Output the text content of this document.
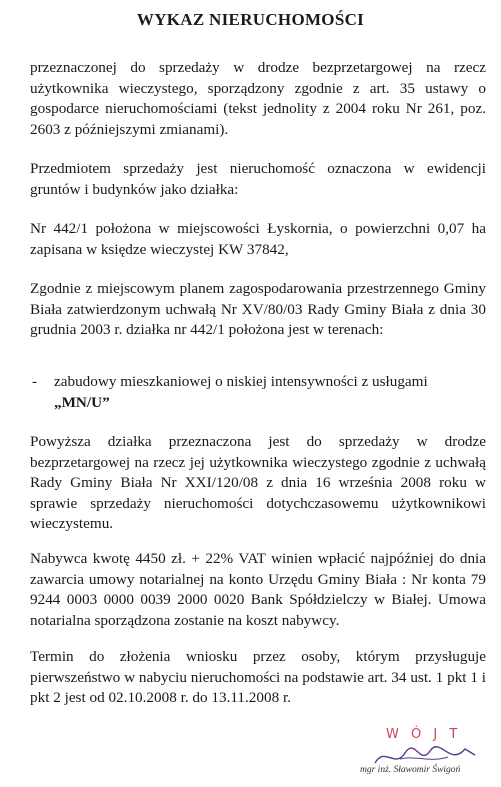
WYKAZ NIERUCHOMOŚCI

przeznaczonej do sprzedaży w drodze bezprzetargowej na rzecz użytkownika wieczystego, sporządzony zgodnie z art. 35 ustawy o gospodarce nieruchomościami (tekst jednolity z 2004 roku Nr 261, poz. 2603 z późniejszymi zmianami).

Przedmiotem sprzedaży jest nieruchomość oznaczona w ewidencji gruntów i budynków jako działka:

Nr 442/1 położona w miejscowości Łyskornia, o powierzchni 0,07 ha zapisana w księdze wieczystej KW 37842,

Zgodnie z miejscowym planem zagospodarowania przestrzennego Gminy Biała zatwierdzonym uchwałą Nr XV/80/03 Rady Gminy Biała z dnia 30 grudnia 2003 r. działka nr 442/1 położona jest w terenach:

- zabudowy mieszkaniowej o niskiej intensywności z usługami
„MN/U”

Powyższa działka przeznaczona jest do sprzedaży w drodze bezprzetargowej na rzecz jej użytkownika wieczystego zgodnie z uchwałą Rady Gminy Biała Nr XXI/120/08 z dnia 16 września 2008 roku w sprawie sprzedaży nieruchomości dotychczasowemu użytkownikowi wieczystemu.

Nabywca kwotę 4450 zł. + 22% VAT winien wpłacić najpóźniej do dnia zawarcia umowy notarialnej na konto Urzędu Gminy Biała : Nr konta 79 9244 0003 0000 0039 2000 0020 Bank Spółdzielczy w Białej. Umowa notarialna sporządzona zostanie na koszt nabywcy.

Termin do złożenia wniosku przez osoby, którym przysługuje pierwszeństwo w nabyciu nieruchomości na podstawie art. 34 ust. 1 pkt 1 i pkt 2 jest od 02.10.2008 r. do 13.11.2008 r.

W Ó J T
mgr inż. Sławomir Świgoń
